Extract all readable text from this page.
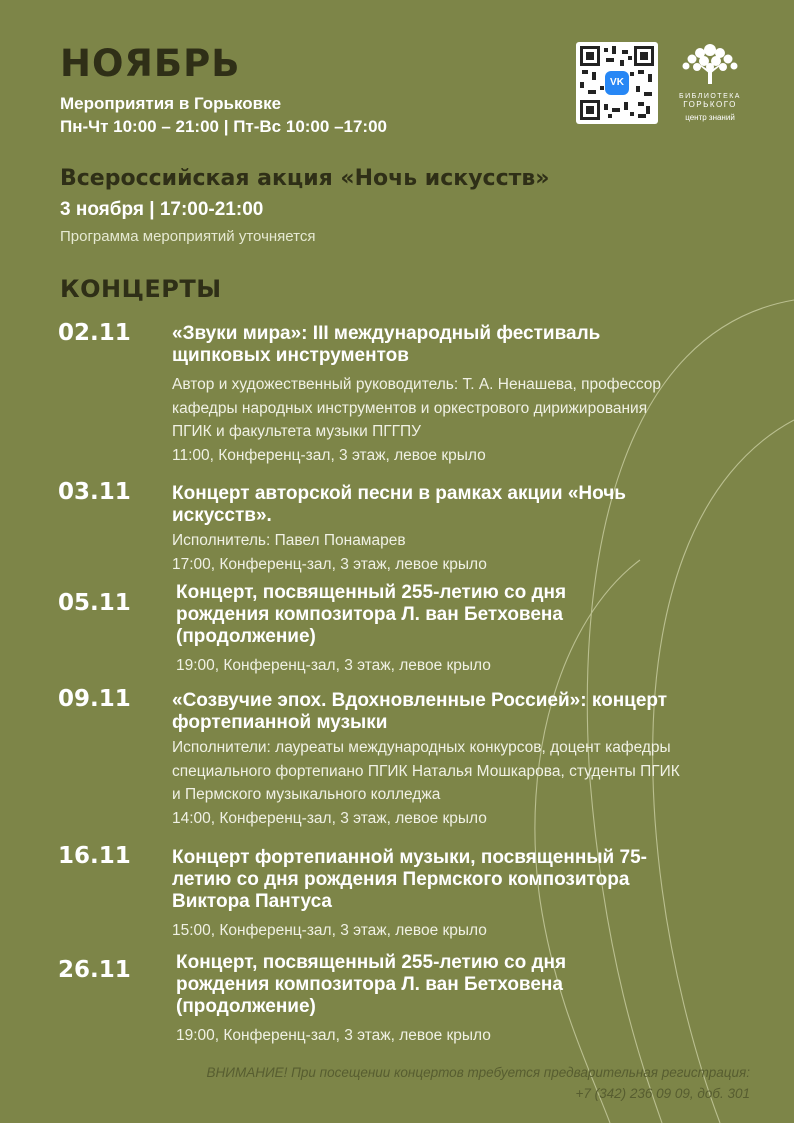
НОЯБРЬ
Мероприятия в Горьковке
Пн-Чт 10:00 – 21:00 | Пт-Вс 10:00 –17:00
VK
БИБЛИОТЕКА
ГОРЬКОГО
центр знаний
Всероссийская акция «Ночь искусств»
3 ноября | 17:00-21:00
Программа мероприятий уточняется
КОНЦЕРТЫ
02.11 «Звуки мира»: III международный фестиваль
щипковых инструментов
Автор и художественный руководитель: Т. А. Ненашева, профессор
кафедры народных инструментов и оркестрового дирижирования
ПГИК и факультета музыки ПГГПУ
11:00, Конференц-зал, 3 этаж, левое крыло
03.11 Концерт авторской песни в рамках акции «Ночь
искусств».
Исполнитель: Павел Понамарев
17:00, Конференц-зал, 3 этаж, левое крыло
05.11 Концерт, посвященный 255-летию со дня
рождения композитора Л. ван Бетховена
(продолжение)
19:00, Конференц-зал, 3 этаж, левое крыло
09.11 «Созвучие эпох. Вдохновленные Россией»: концерт
фортепианной музыки
Исполнители: лауреаты международных конкурсов, доцент кафедры
специального фортепиано ПГИК Наталья Мошкарова, студенты ПГИК
и Пермского музыкального колледжа
14:00, Конференц-зал, 3 этаж, левое крыло
16.11 Концерт фортепианной музыки, посвященный 75-
летию со дня рождения Пермского композитора
Виктора Пантуса
15:00, Конференц-зал, 3 этаж, левое крыло
26.11 Концерт, посвященный 255-летию со дня
рождения композитора Л. ван Бетховена
(продолжение)
19:00, Конференц-зал, 3 этаж, левое крыло
ВНИМАНИЕ! При посещении концертов требуется предварительная регистрация:
+7 (342) 236 09 09, доб. 301
